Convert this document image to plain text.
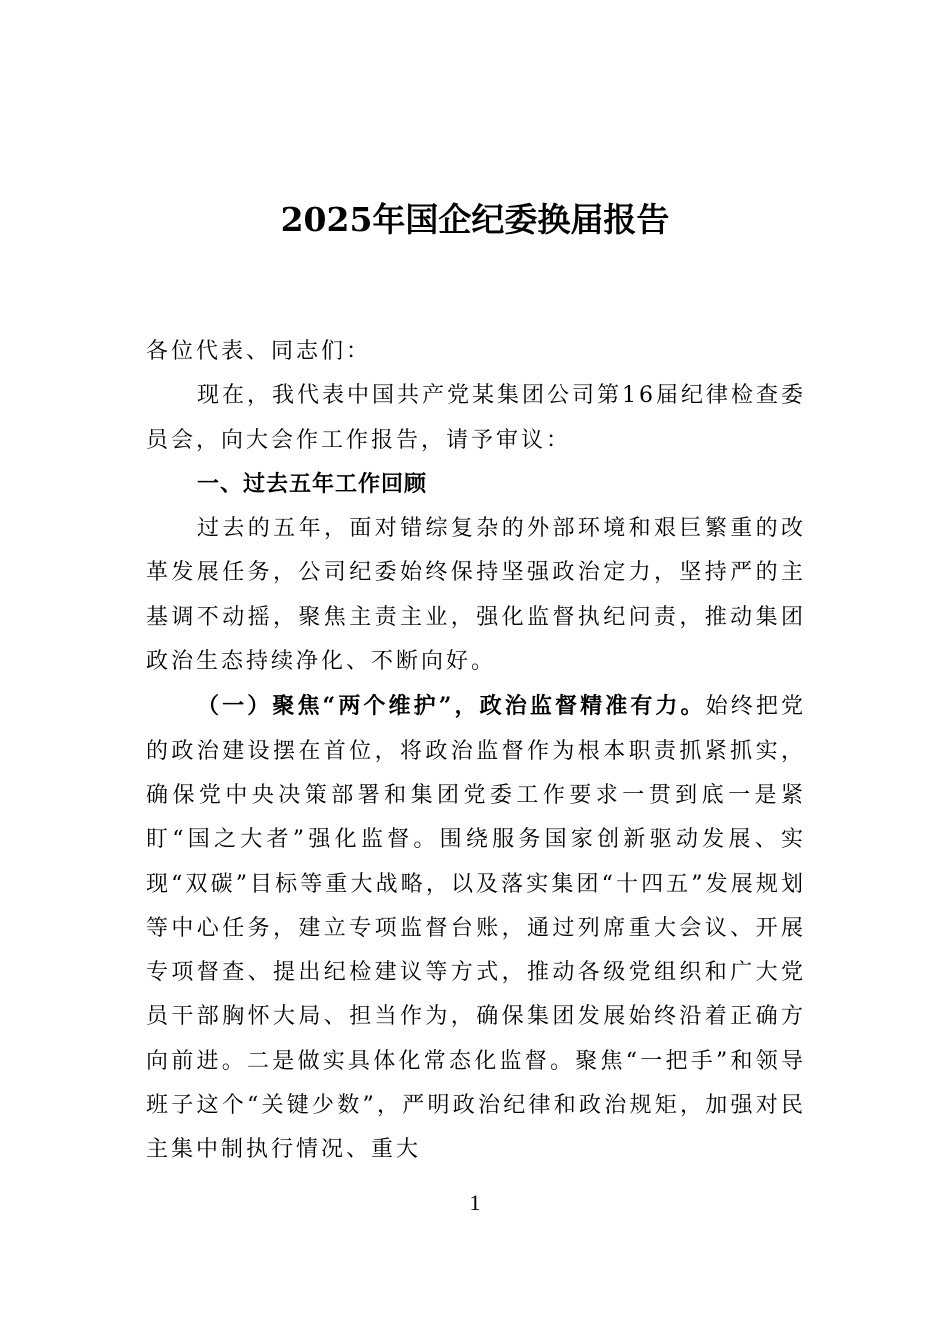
2025年国企纪委换届报告

各位代表、同志们：

现在，我代表中国共产党某集团公司第16届纪律检查委员会，向大会作工作报告，请予审议：

一、过去五年工作回顾

过去的五年，面对错综复杂的外部环境和艰巨繁重的改革发展任务，公司纪委始终保持坚强政治定力，坚持严的主基调不动摇，聚焦主责主业，强化监督执纪问责，推动集团政治生态持续净化、不断向好。

（一）聚焦“两个维护”，政治监督精准有力。始终把党的政治建设摆在首位，将政治监督作为根本职责抓紧抓实，确保党中央决策部署和集团党委工作要求一贯到底一是紧盯“国之大者”强化监督。围绕服务国家创新驱动发展、实现“双碳”目标等重大战略，以及落实集团“十四五”发展规划等中心任务，建立专项监督台账，通过列席重大会议、开展专项督查、提出纪检建议等方式，推动各级党组织和广大党员干部胸怀大局、担当作为，确保集团发展始终沿着正确方向前进。二是做实具体化常态化监督。聚焦“一把手”和领导班子这个“关键少数”，严明政治纪律和政治规矩，加强对民主集中制执行情况、重大

1
